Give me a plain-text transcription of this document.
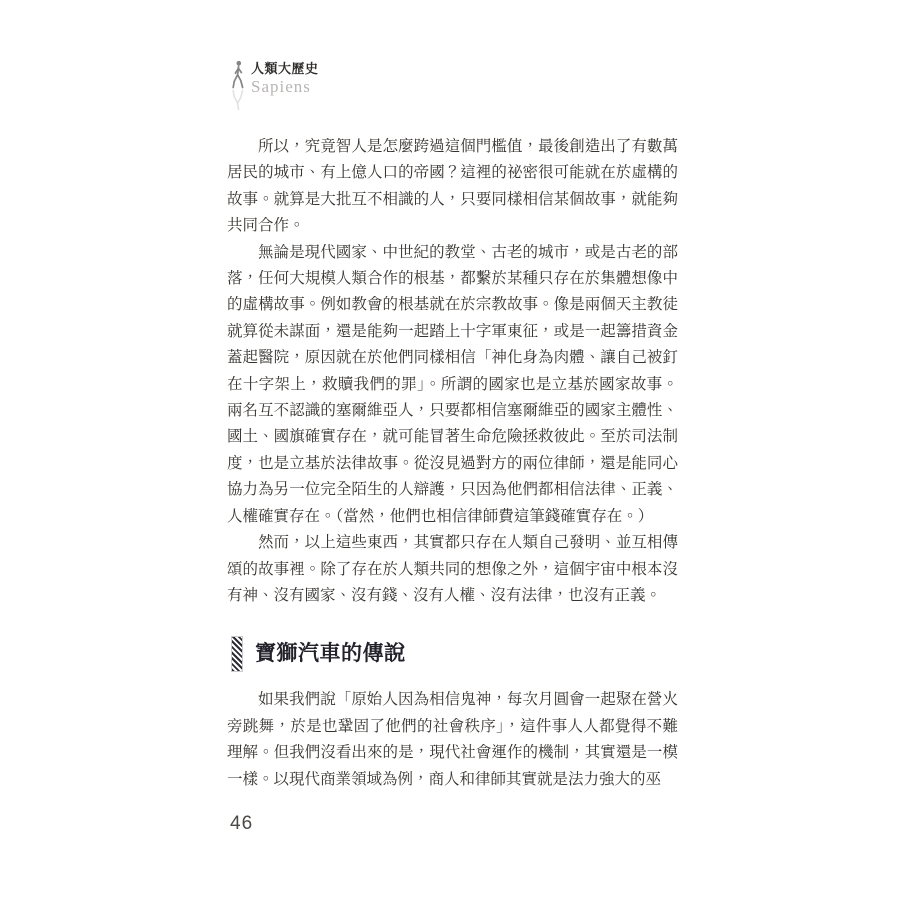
人類大歷史
Sapiens

所以，究竟智人是怎麼跨過這個門檻值，最後創造出了有數萬居民的城市、有上億人口的帝國？這裡的祕密很可能就在於虛構的故事。就算是大批互不相識的人，只要同樣相信某個故事，就能夠共同合作。

無論是現代國家、中世紀的教堂、古老的城市，或是古老的部落，任何大規模人類合作的根基，都繫於某種只存在於集體想像中的虛構故事。例如教會的根基就在於宗教故事。像是兩個天主教徒就算從未謀面，還是能夠一起踏上十字軍東征，或是一起籌措資金蓋起醫院，原因就在於他們同樣相信「神化身為肉體、讓自己被釘在十字架上，救贖我們的罪」。所謂的國家也是立基於國家故事。兩名互不認識的塞爾維亞人，只要都相信塞爾維亞的國家主體性、國土、國旗確實存在，就可能冒著生命危險拯救彼此。至於司法制度，也是立基於法律故事。從沒見過對方的兩位律師，還是能同心協力為另一位完全陌生的人辯護，只因為他們都相信法律、正義、人權確實存在。（當然，他們也相信律師費這筆錢確實存在。）

然而，以上這些東西，其實都只存在人類自己發明、並互相傳頌的故事裡。除了存在於人類共同的想像之外，這個宇宙中根本沒有神、沒有國家、沒有錢、沒有人權、沒有法律，也沒有正義。

寶獅汽車的傳說

如果我們說「原始人因為相信鬼神，每次月圓會一起聚在營火旁跳舞，於是也鞏固了他們的社會秩序」，這件事人人都覺得不難理解。但我們沒看出來的是，現代社會運作的機制，其實還是一模一樣。以現代商業領域為例，商人和律師其實就是法力強大的巫

46
